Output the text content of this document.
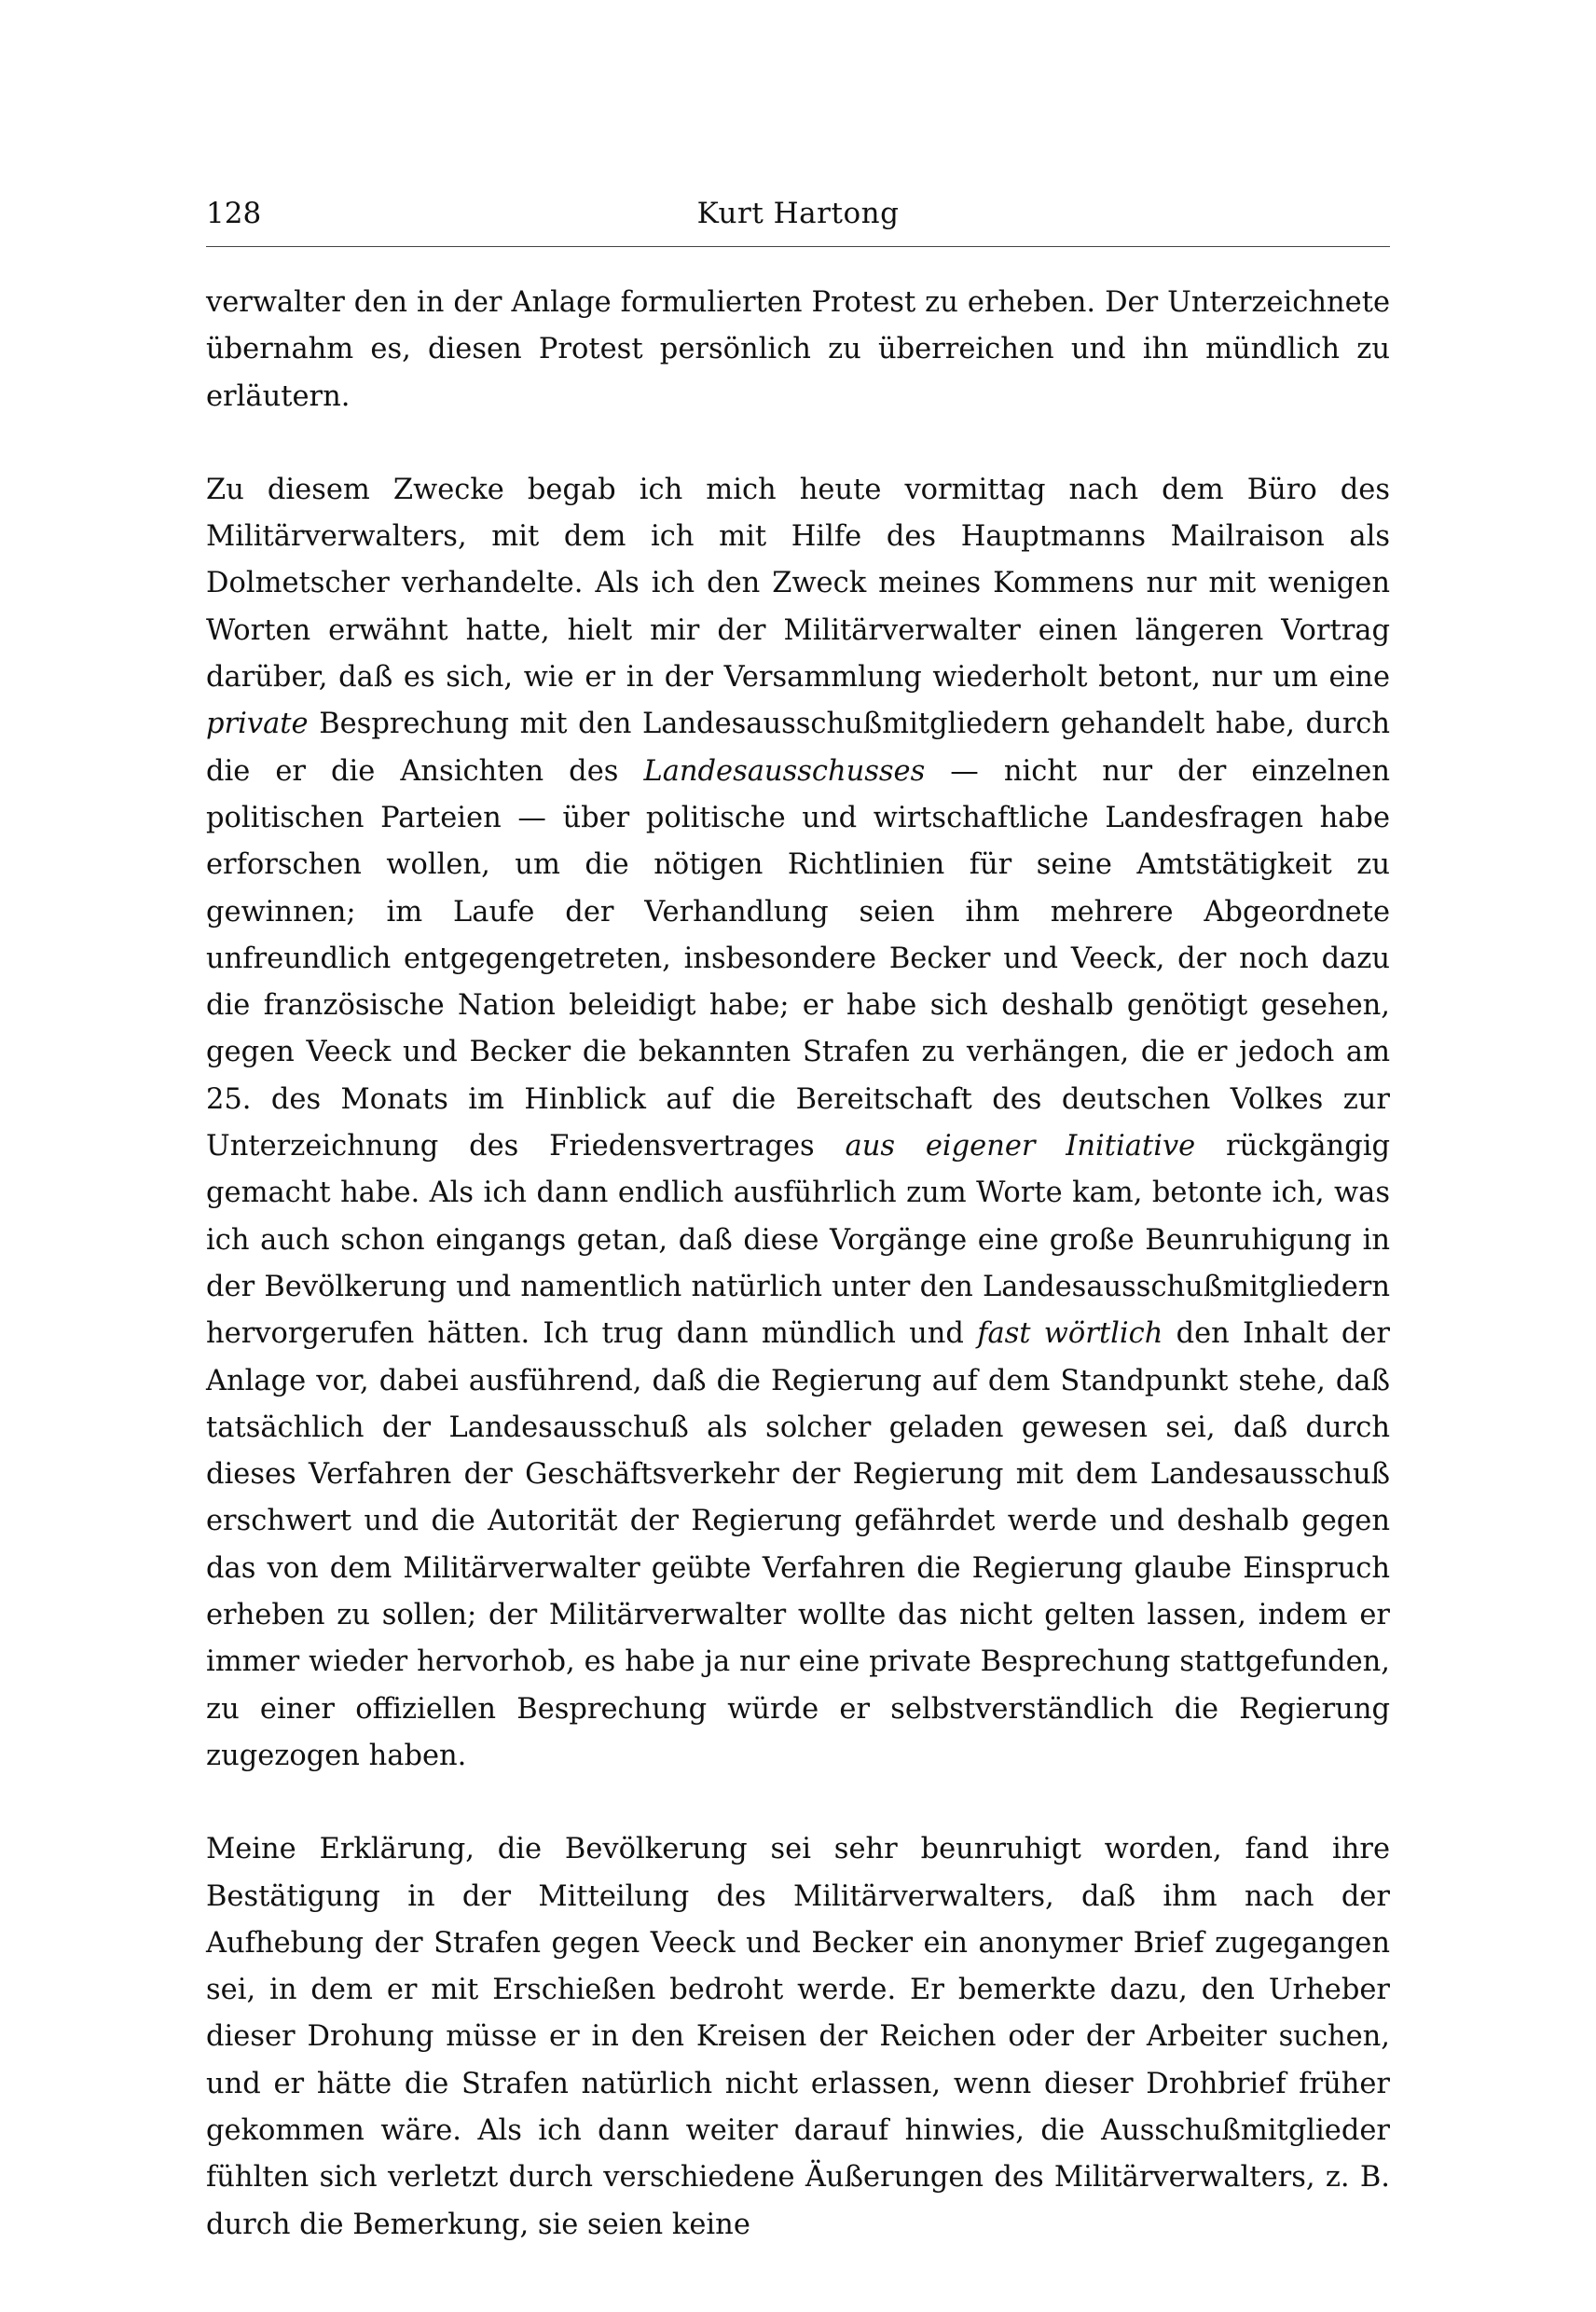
128	Kurt Hartong

verwalter den in der Anlage formulierten Protest zu erheben. Der Unterzeichnete übernahm es, diesen Protest persönlich zu überreichen und ihn mündlich zu erläutern.

Zu diesem Zwecke begab ich mich heute vormittag nach dem Büro des Militärverwalters, mit dem ich mit Hilfe des Hauptmanns Mailraison als Dolmetscher verhandelte. Als ich den Zweck meines Kommens nur mit wenigen Worten erwähnt hatte, hielt mir der Militärverwalter einen längeren Vortrag darüber, daß es sich, wie er in der Versammlung wiederholt betont, nur um eine private Besprechung mit den Landesausschußmitgliedern gehandelt habe, durch die er die Ansichten des Landesausschusses — nicht nur der einzelnen politischen Parteien — über politische und wirtschaftliche Landesfragen habe erforschen wollen, um die nötigen Richtlinien für seine Amtstätigkeit zu gewinnen; im Laufe der Verhandlung seien ihm mehrere Abgeordnete unfreundlich entgegengetreten, insbesondere Becker und Veeck, der noch dazu die französische Nation beleidigt habe; er habe sich deshalb genötigt gesehen, gegen Veeck und Becker die bekannten Strafen zu verhängen, die er jedoch am 25. des Monats im Hinblick auf die Bereitschaft des deutschen Volkes zur Unterzeichnung des Friedensvertrages aus eigener Initiative rückgängig gemacht habe. Als ich dann endlich ausführlich zum Worte kam, betonte ich, was ich auch schon eingangs getan, daß diese Vorgänge eine große Beunruhigung in der Bevölkerung und namentlich natürlich unter den Landesausschußmitgliedern hervorgerufen hätten. Ich trug dann mündlich und fast wörtlich den Inhalt der Anlage vor, dabei ausführend, daß die Regierung auf dem Standpunkt stehe, daß tatsächlich der Landesausschuß als solcher geladen gewesen sei, daß durch dieses Verfahren der Geschäftsverkehr der Regierung mit dem Landesausschuß erschwert und die Autorität der Regierung gefährdet werde und deshalb gegen das von dem Militärverwalter geübte Verfahren die Regierung glaube Einspruch erheben zu sollen; der Militärverwalter wollte das nicht gelten lassen, indem er immer wieder hervorhob, es habe ja nur eine private Besprechung stattgefunden, zu einer offiziellen Besprechung würde er selbstverständlich die Regierung zugezogen haben.

Meine Erklärung, die Bevölkerung sei sehr beunruhigt worden, fand ihre Bestätigung in der Mitteilung des Militärverwalters, daß ihm nach der Aufhebung der Strafen gegen Veeck und Becker ein anonymer Brief zugegangen sei, in dem er mit Erschießen bedroht werde. Er bemerkte dazu, den Urheber dieser Drohung müsse er in den Kreisen der Reichen oder der Arbeiter suchen, und er hätte die Strafen natürlich nicht erlassen, wenn dieser Drohbrief früher gekommen wäre. Als ich dann weiter darauf hinwies, die Ausschußmitglieder fühlten sich verletzt durch verschiedene Äußerungen des Militärverwalters, z. B. durch die Bemerkung, sie seien keine
